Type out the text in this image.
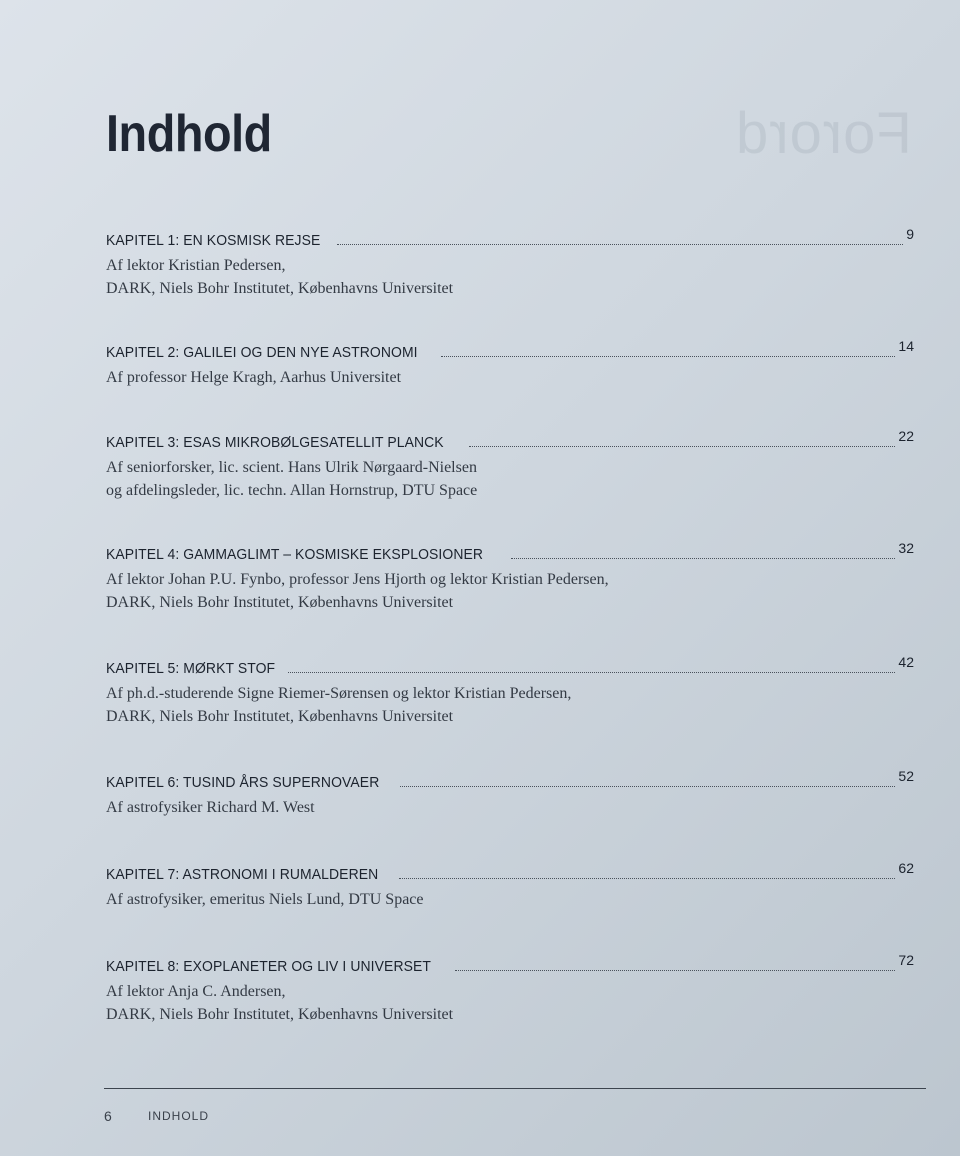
Forord
Indhold
KAPITEL 1: EN KOSMISK REJSE	9
Af lektor Kristian Pedersen,
DARK, Niels Bohr Institutet, Københavns Universitet
KAPITEL 2: GALILEI OG DEN NYE ASTRONOMI	14
Af professor Helge Kragh, Aarhus Universitet
KAPITEL 3: ESAS MIKROBØLGESATELLIT PLANCK	22
Af seniorforsker, lic. scient. Hans Ulrik Nørgaard-Nielsen
og afdelingsleder, lic. techn. Allan Hornstrup, DTU Space
KAPITEL 4: GAMMAGLIMT – KOSMISKE EKSPLOSIONER	32
Af lektor Johan P.U. Fynbo, professor Jens Hjorth og lektor Kristian Pedersen,
DARK, Niels Bohr Institutet, Københavns Universitet
KAPITEL 5: MØRKT STOF	42
Af ph.d.-studerende Signe Riemer-Sørensen og lektor Kristian Pedersen,
DARK, Niels Bohr Institutet, Københavns Universitet
KAPITEL 6: TUSIND ÅRS SUPERNOVAER	52
Af astrofysiker Richard M. West
KAPITEL 7: ASTRONOMI I RUMALDEREN	62
Af astrofysiker, emeritus Niels Lund, DTU Space
KAPITEL 8: EXOPLANETER OG LIV I UNIVERSET	72
Af lektor Anja C. Andersen,
DARK, Niels Bohr Institutet, Københavns Universitet
6	INDHOLD
